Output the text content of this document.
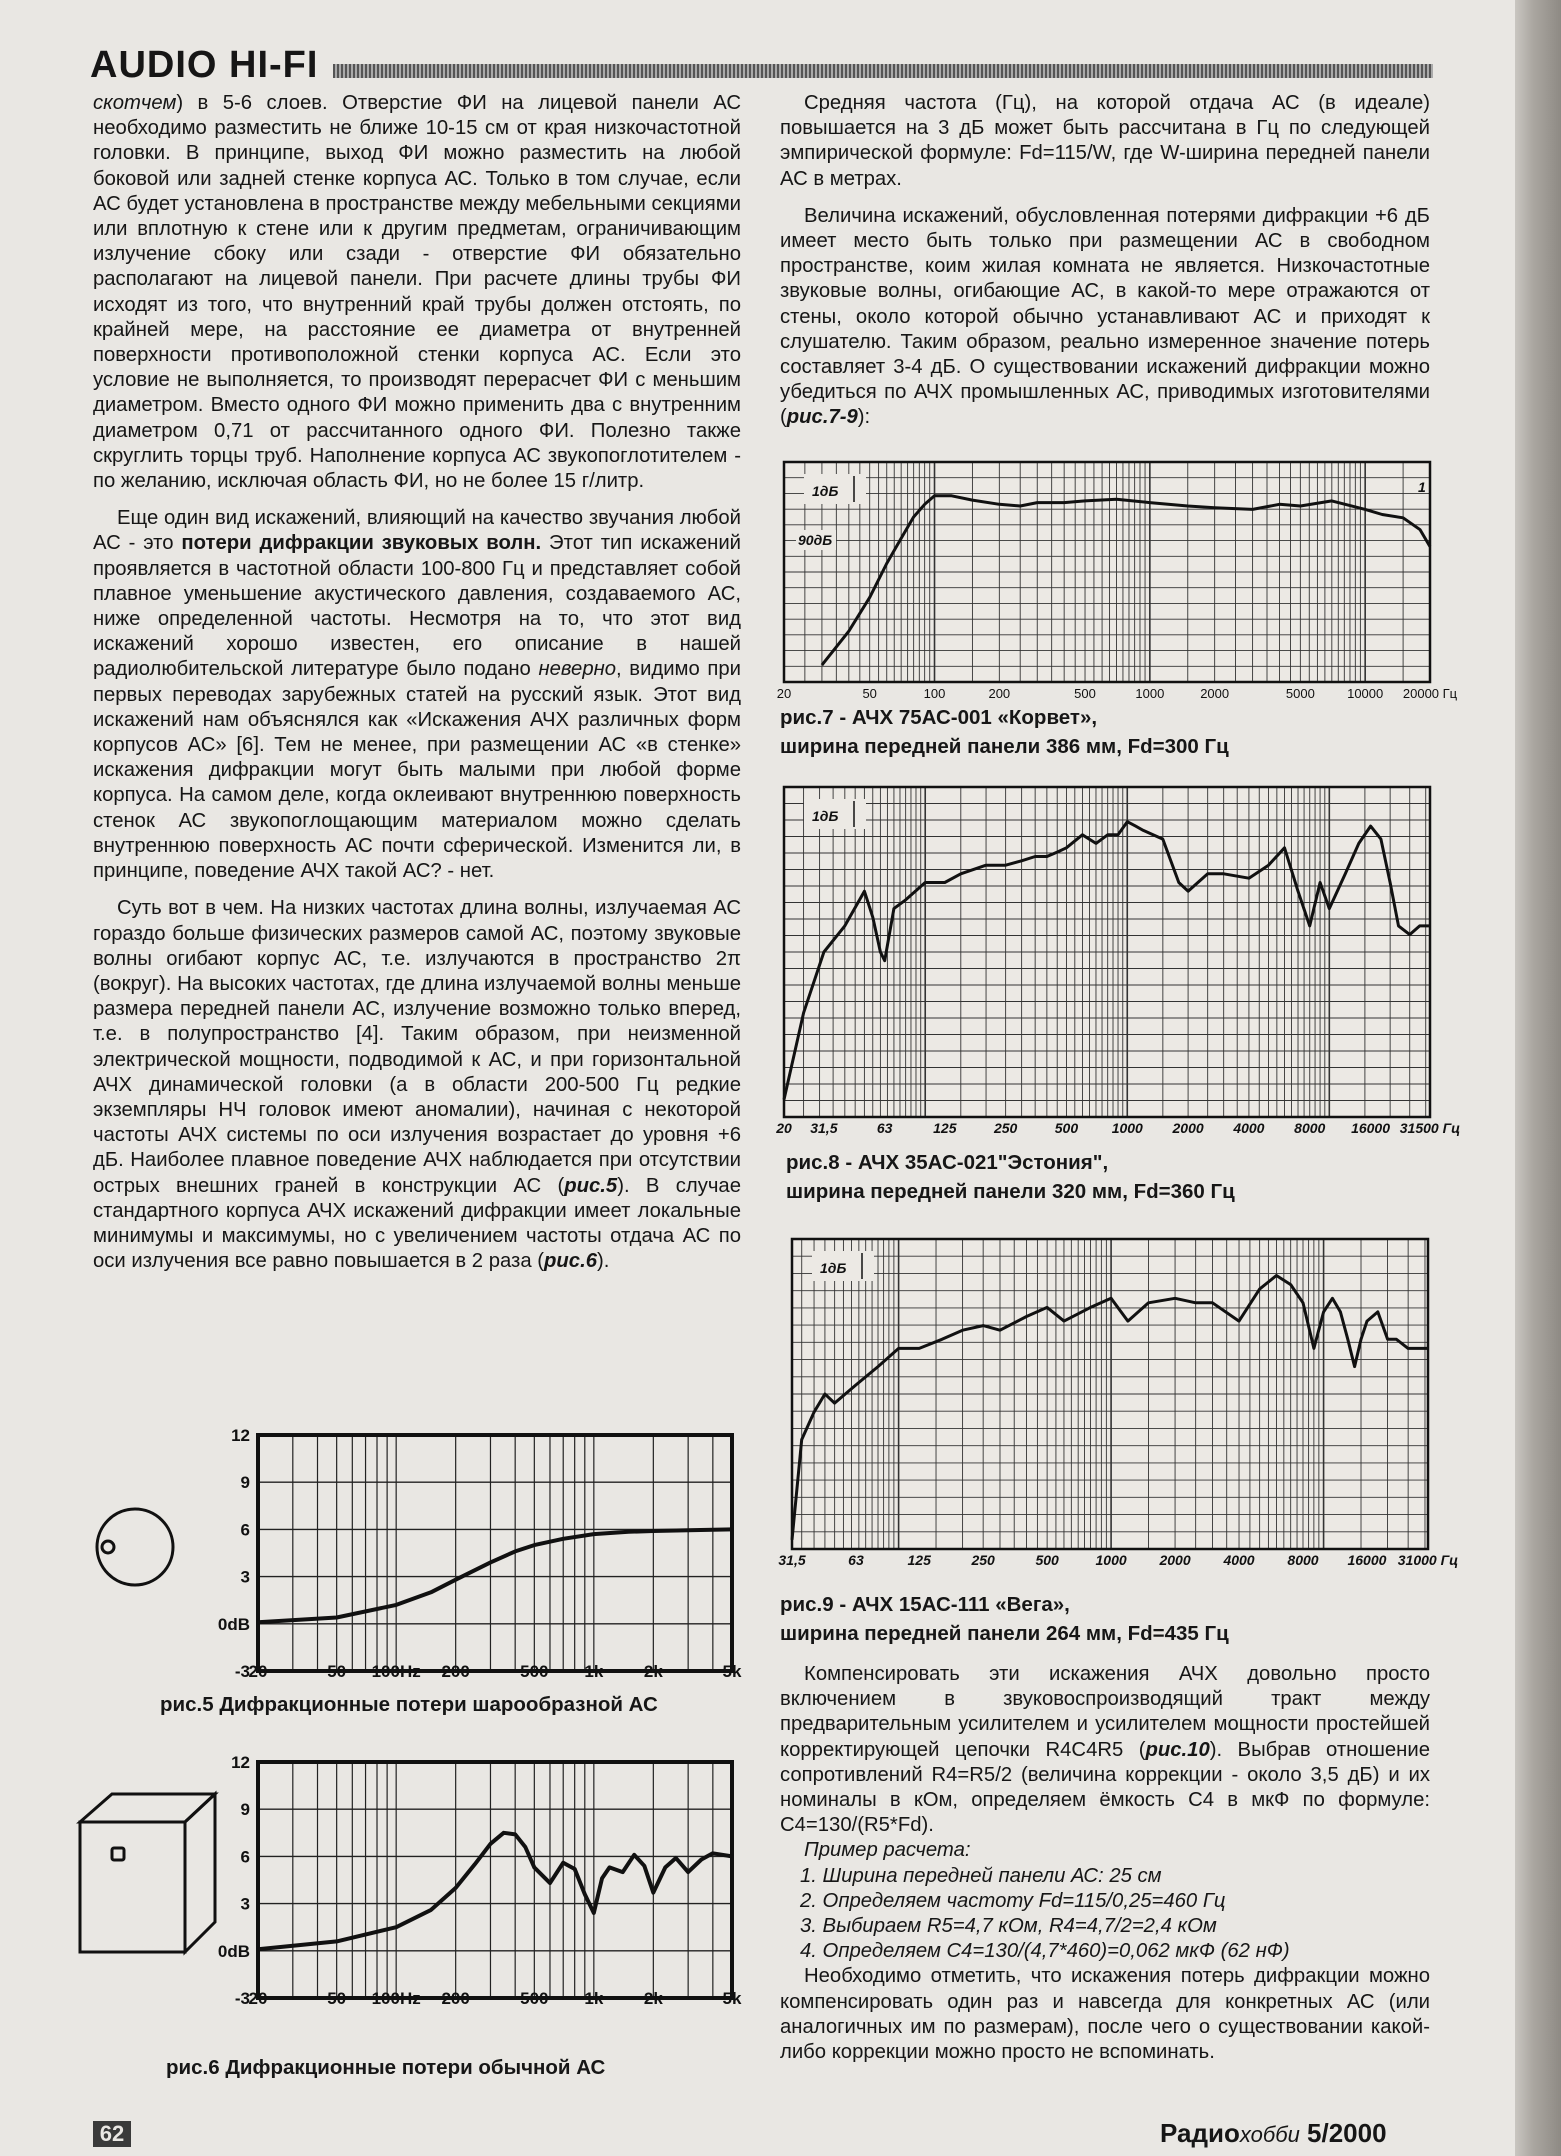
AUDIO HI-FI

скотчем) в 5-6 слоев. Отверстие ФИ на лицевой панели АС необходимо разместить не ближе 10-15 см от края низкочастотной головки. В принципе, выход ФИ можно разместить на любой боковой или задней стенке корпуса АС. Только в том случае, если АС будет установлена в пространстве между мебельными секциями или вплотную к стене или к другим предметам, ограничивающим излучение сбоку или сзади - отверстие ФИ обязательно располагают на лицевой панели. При расчете длины трубы ФИ исходят из того, что внутренний край трубы должен отстоять, по крайней мере, на расстояние ее диаметра от внутренней поверхности противоположной стенки корпуса АС. Если это условие не выполняется, то производят перерасчет ФИ с меньшим диаметром. Вместо одного ФИ можно применить два с внутренним диаметром 0,71 от рассчитанного одного ФИ. Полезно также скруглить торцы труб. Наполнение корпуса АС звукопоглотителем - по желанию, исключая область ФИ, но не более 15 г/литр.

Еще один вид искажений, влияющий на качество звучания любой АС - это потери дифракции звуковых волн. Этот тип искажений проявляется в частотной области 100-800 Гц и представляет собой плавное уменьшение акустического давления, создаваемого АС, ниже определенной частоты. Несмотря на то, что этот вид искажений хорошо известен, его описание в нашей радиолюбительской литературе было подано неверно, видимо при первых переводах зарубежных статей на русский язык. Этот вид искажений нам объяснялся как «Искажения АЧХ различных форм корпусов АС» [6]. Тем не менее, при размещении АС «в стенке» искажения дифракции могут быть малыми при любой форме корпуса. На самом деле, когда оклеивают внутреннюю поверхность стенок АС звукопоглощающим материалом можно сделать внутреннюю поверхность АС почти сферической. Изменится ли, в принципе, поведение АЧХ такой АС? - нет.

Суть вот в чем. На низких частотах длина волны, излучаемая АС гораздо больше физических размеров самой АС, поэтому звуковые волны огибают корпус АС, т.е. излучаются в пространство 2π (вокруг). На высоких частотах, где длина излучаемой волны меньше размера передней панели АС, излучение возможно только вперед, т.е. в полупространство [4]. Таким образом, при неизменной электрической мощности, подводимой к АС, и при горизонтальной АЧХ динамической головки (а в области 200-500 Гц редкие экземпляры НЧ головок имеют аномалии), начиная с некоторой частоты АЧХ системы по оси излучения возрастает до уровня +6 дБ. Наиболее плавное поведение АЧХ наблюдается при отсутствии острых внешних граней в конструкции АС (рис.5). В случае стандартного корпуса АЧХ искажений дифракции имеет локальные минимумы и максимумы, но с увеличением частоты отдача АС по оси излучения все равно повышается в 2 раза (рис.6).

Средняя частота (Гц), на которой отдача АС (в идеале) повышается на 3 дБ может быть рассчитана в Гц по следующей эмпирической формуле: Fd=115/W, где W-ширина передней панели АС в метрах.

Величина искажений, обусловленная потерями дифракции +6 дБ имеет место быть только при размещении АС в свободном пространстве, коим жилая комната не является. Низкочастотные звуковые волны, огибающие АС, в какой-то мере отражаются от стены, около которой обычно устанавливают АС и приходят к слушателю. Таким образом, реально измеренное значение потерь составляет 3-4 дБ. О существовании искажений дифракции можно убедиться по АЧХ промышленных АС, приводимых изготовителями (рис.7-9):

20	50	100	200	500	1000	2000	5000 10000 20000 Гц
1дБ
90дБ
1
рис.7 - АЧХ 75АС-001 «Корвет»,
ширина передней панели 386 мм, Fd=300 Гц
20 31,5	63	125	250	500 1000 2000 4000 8000 16000 31500 Гц
1дБ
рис.8 - АЧХ 35АС-021"Эстония",
ширина передней панели 320 мм, Fd=360 Гц
31,5	63	125	250	500	1000 2000 4000 8000 16000 31000 Гц
1дБ
рис.9 - АЧХ 15АС-111 «Вега»,
ширина передней панели 264 мм, Fd=435 Гц

Компенсировать эти искажения АЧХ довольно просто включением в звуковоспроизводящий тракт между предварительным усилителем и усилителем мощности простейшей корректирующей цепочки R4C4R5 (рис.10). Выбрав отношение сопротивлений R4=R5/2 (величина коррекции - около 3,5 дБ) и их номиналы в кОм, определяем ёмкость С4 в мкФ по формуле: C4=130/(R5*Fd).

Пример расчета:

1. Ширина передней панели АС: 25 см
2. Определяем частоту Fd=115/0,25=460 Гц
3. Выбираем R5=4,7 кОм, R4=4,7/2=2,4 кОм
4. Определяем С4=130/(4,7*460)=0,062 мкФ (62 нФ)

Необходимо отметить, что искажения потерь дифракции можно компенсировать один раз и навсегда для конкретных АС (или аналогичных им по размерам), после чего о существовании какой-либо коррекции можно просто не вспоминать.

12
9
6
3
0dB
-3
20	50 100Hz 200	500 1k 2k	5k
рис.5 Дифракционные потери шарообразной АС
12
9
6
3
0dB
-3
20	50 100Hz 200	500 1k 2k	5k
рис.6 Дифракционные потери обычной АС
62	Радиохобби 5/2000
